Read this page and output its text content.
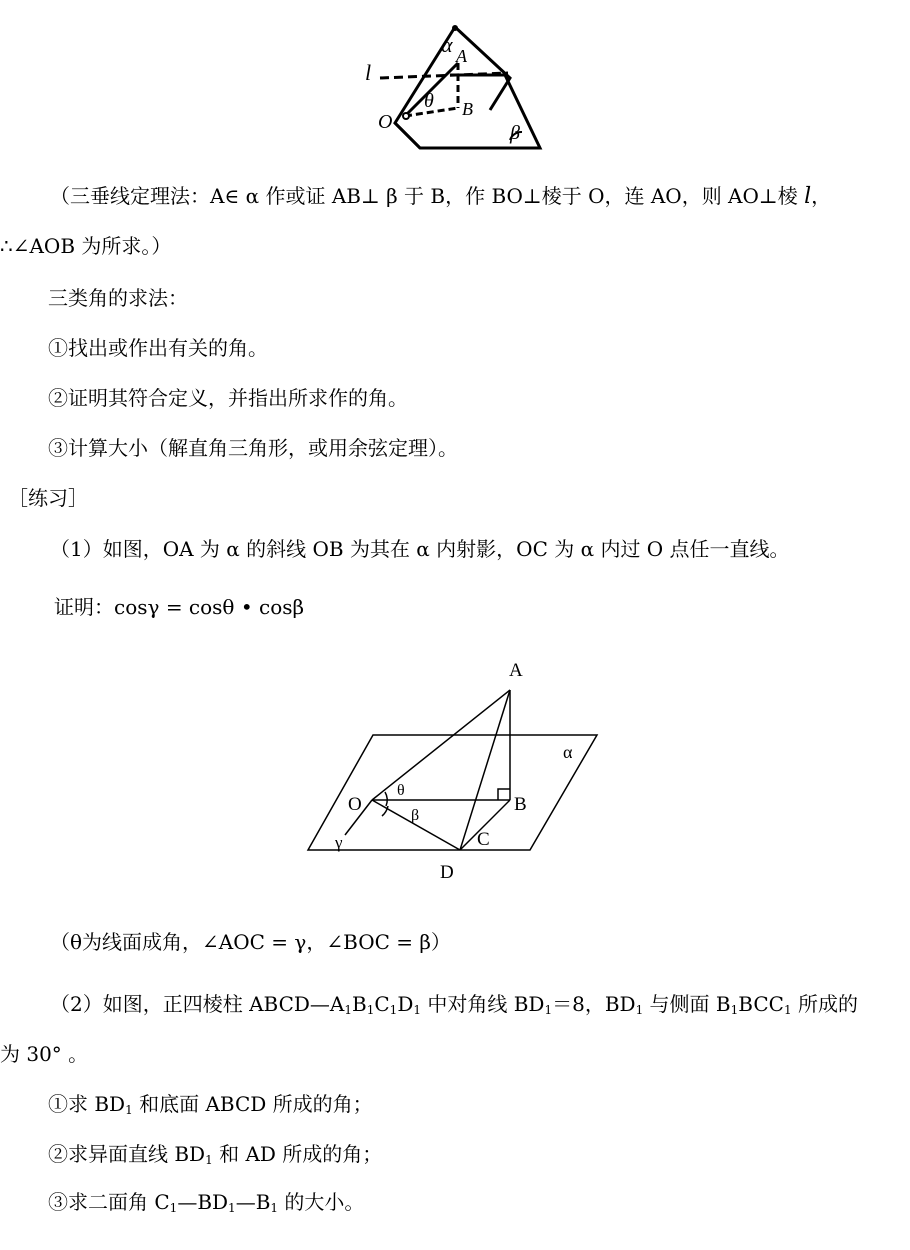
α A
l
θ
O
B
β
（三垂线定理法：A∈ α 作或证 AB⊥ β 于 B，作 BO⊥棱于 O，连 AO，则 AO⊥棱 l，
∴∠AOB 为所求。）
三类角的求法：
①找出或作出有关的角。
②证明其符合定义，并指出所求作的角。
③计算大小（解直角三角形，或用余弦定理）。
［练习］
（1）如图，OA 为 α 的斜线 OB 为其在 α 内射影，OC 为 α 内过 O 点任一直线。
证明：cosγ = cosθ • cosβ
A
α
O
θ
B
β
γ	C
D
（θ为线面成角，∠AOC = γ，∠BOC = β）
（2）如图，正四棱柱 $ABCD—A_1B_1C_1D_1$ 中对角线 $BD_1=8$，$BD_1$ 与侧面 $B_1BCC_1$ 所成的
为 30° 。
①求 $BD_1$ 和底面 ABCD 所成的角；
②求异面直线 $BD_1$ 和 AD 所成的角；
③求二面角 $C_1—BD_1—B_1$ 的大小。
